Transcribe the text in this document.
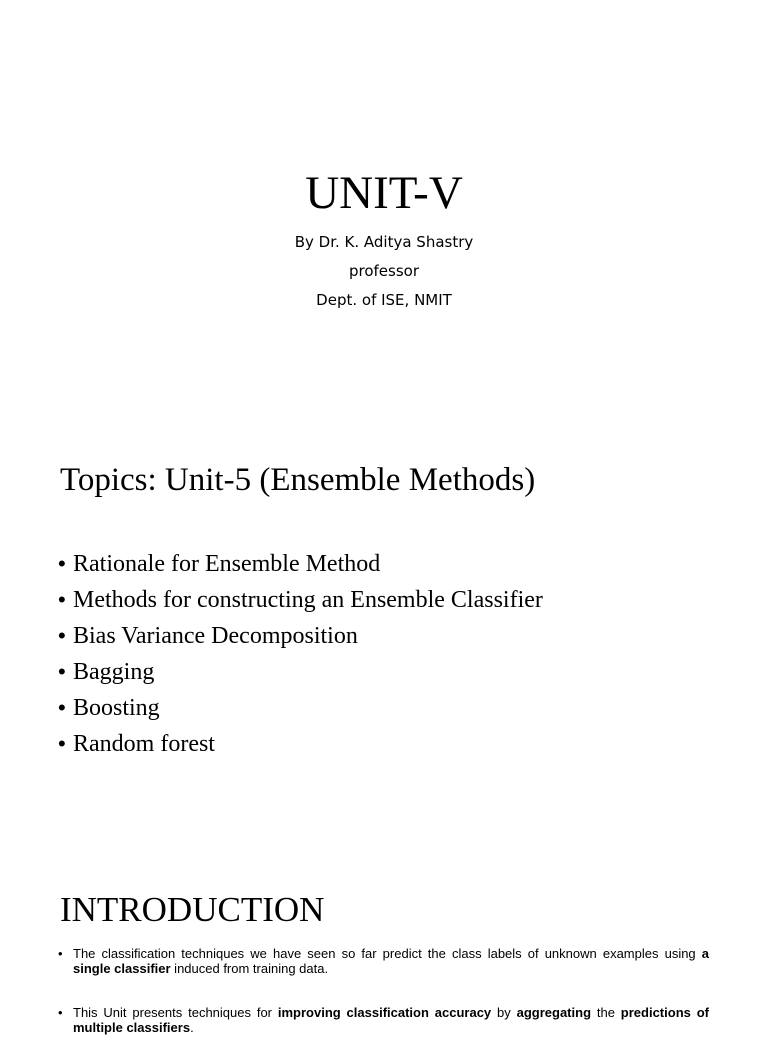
UNIT-V
By Dr. K. Aditya Shastry
professor
Dept. of ISE, NMIT
Topics: Unit-5 (Ensemble Methods)
• Rationale for Ensemble Method
• Methods for constructing an Ensemble Classifier
• Bias Variance Decomposition
• Bagging
• Boosting
• Random forest
INTRODUCTION
• The classification techniques we have seen so far predict the class labels of unknown examples using a single classifier induced from training data.
• This Unit presents techniques for improving classification accuracy by aggregating the predictions of multiple classifiers.
